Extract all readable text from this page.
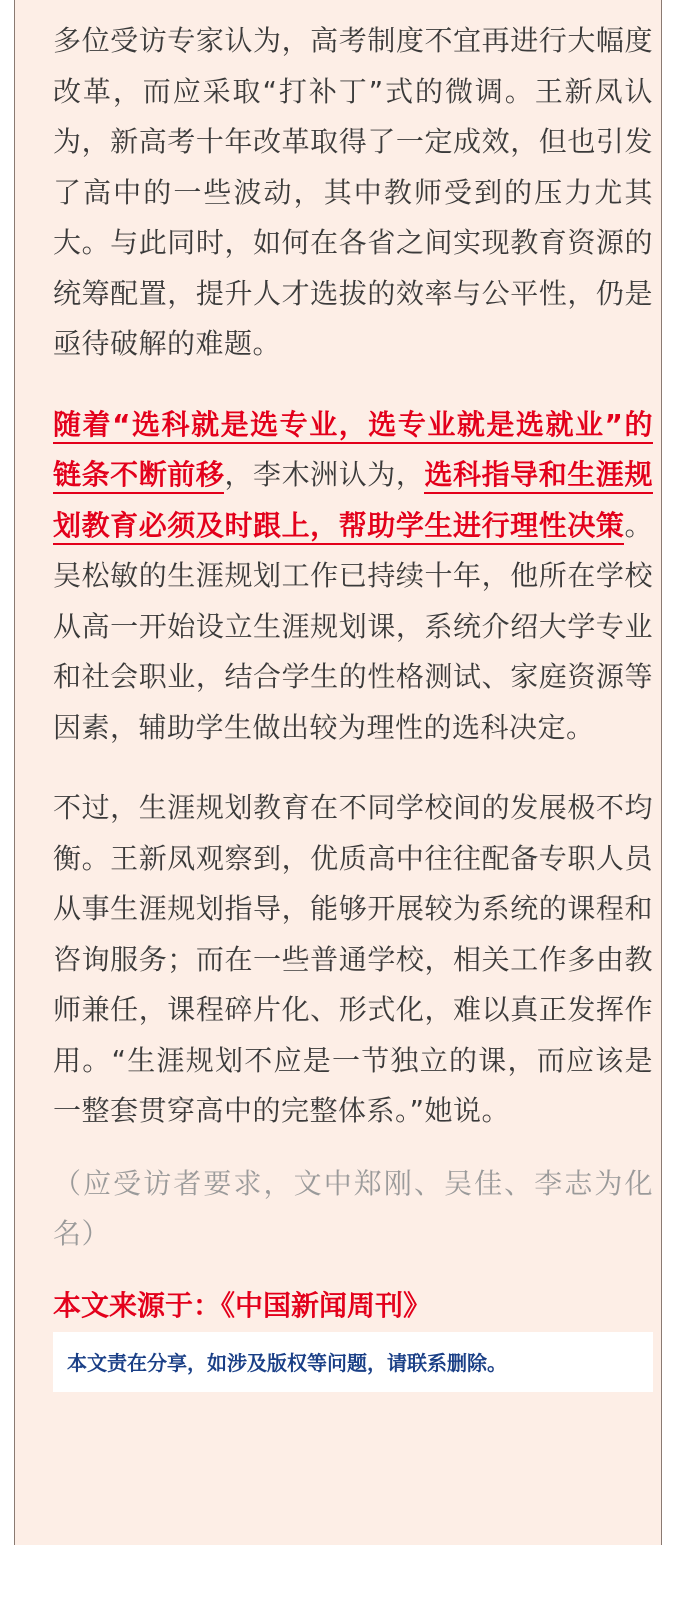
多位受访专家认为，高考制度不宜再进行大幅度改革，而应采取“打补丁”式的微调。王新凤认为，新高考十年改革取得了一定成效，但也引发了高中的一些波动，其中教师受到的压力尤其大。与此同时，如何在各省之间实现教育资源的统筹配置，提升人才选拔的效率与公平性，仍是亟待破解的难题。

随着“选科就是选专业，选专业就是选就业”的链条不断前移，李木洲认为，选科指导和生涯规划教育必须及时跟上，帮助学生进行理性决策。吴松敏的生涯规划工作已持续十年，他所在学校从高一开始设立生涯规划课，系统介绍大学专业和社会职业，结合学生的性格测试、家庭资源等因素，辅助学生做出较为理性的选科决定。

不过，生涯规划教育在不同学校间的发展极不均衡。王新凤观察到，优质高中往往配备专职人员从事生涯规划指导，能够开展较为系统的课程和咨询服务；而在一些普通学校，相关工作多由教师兼任，课程碎片化、形式化，难以真正发挥作用。“生涯规划不应是一节独立的课，而应该是一整套贯穿高中的完整体系。”她说。

（应受访者要求，文中郑刚、吴佳、李志为化名）

本文来源于：《中国新闻周刊》
本文责在分享，如涉及版权等问题，请联系删除。
